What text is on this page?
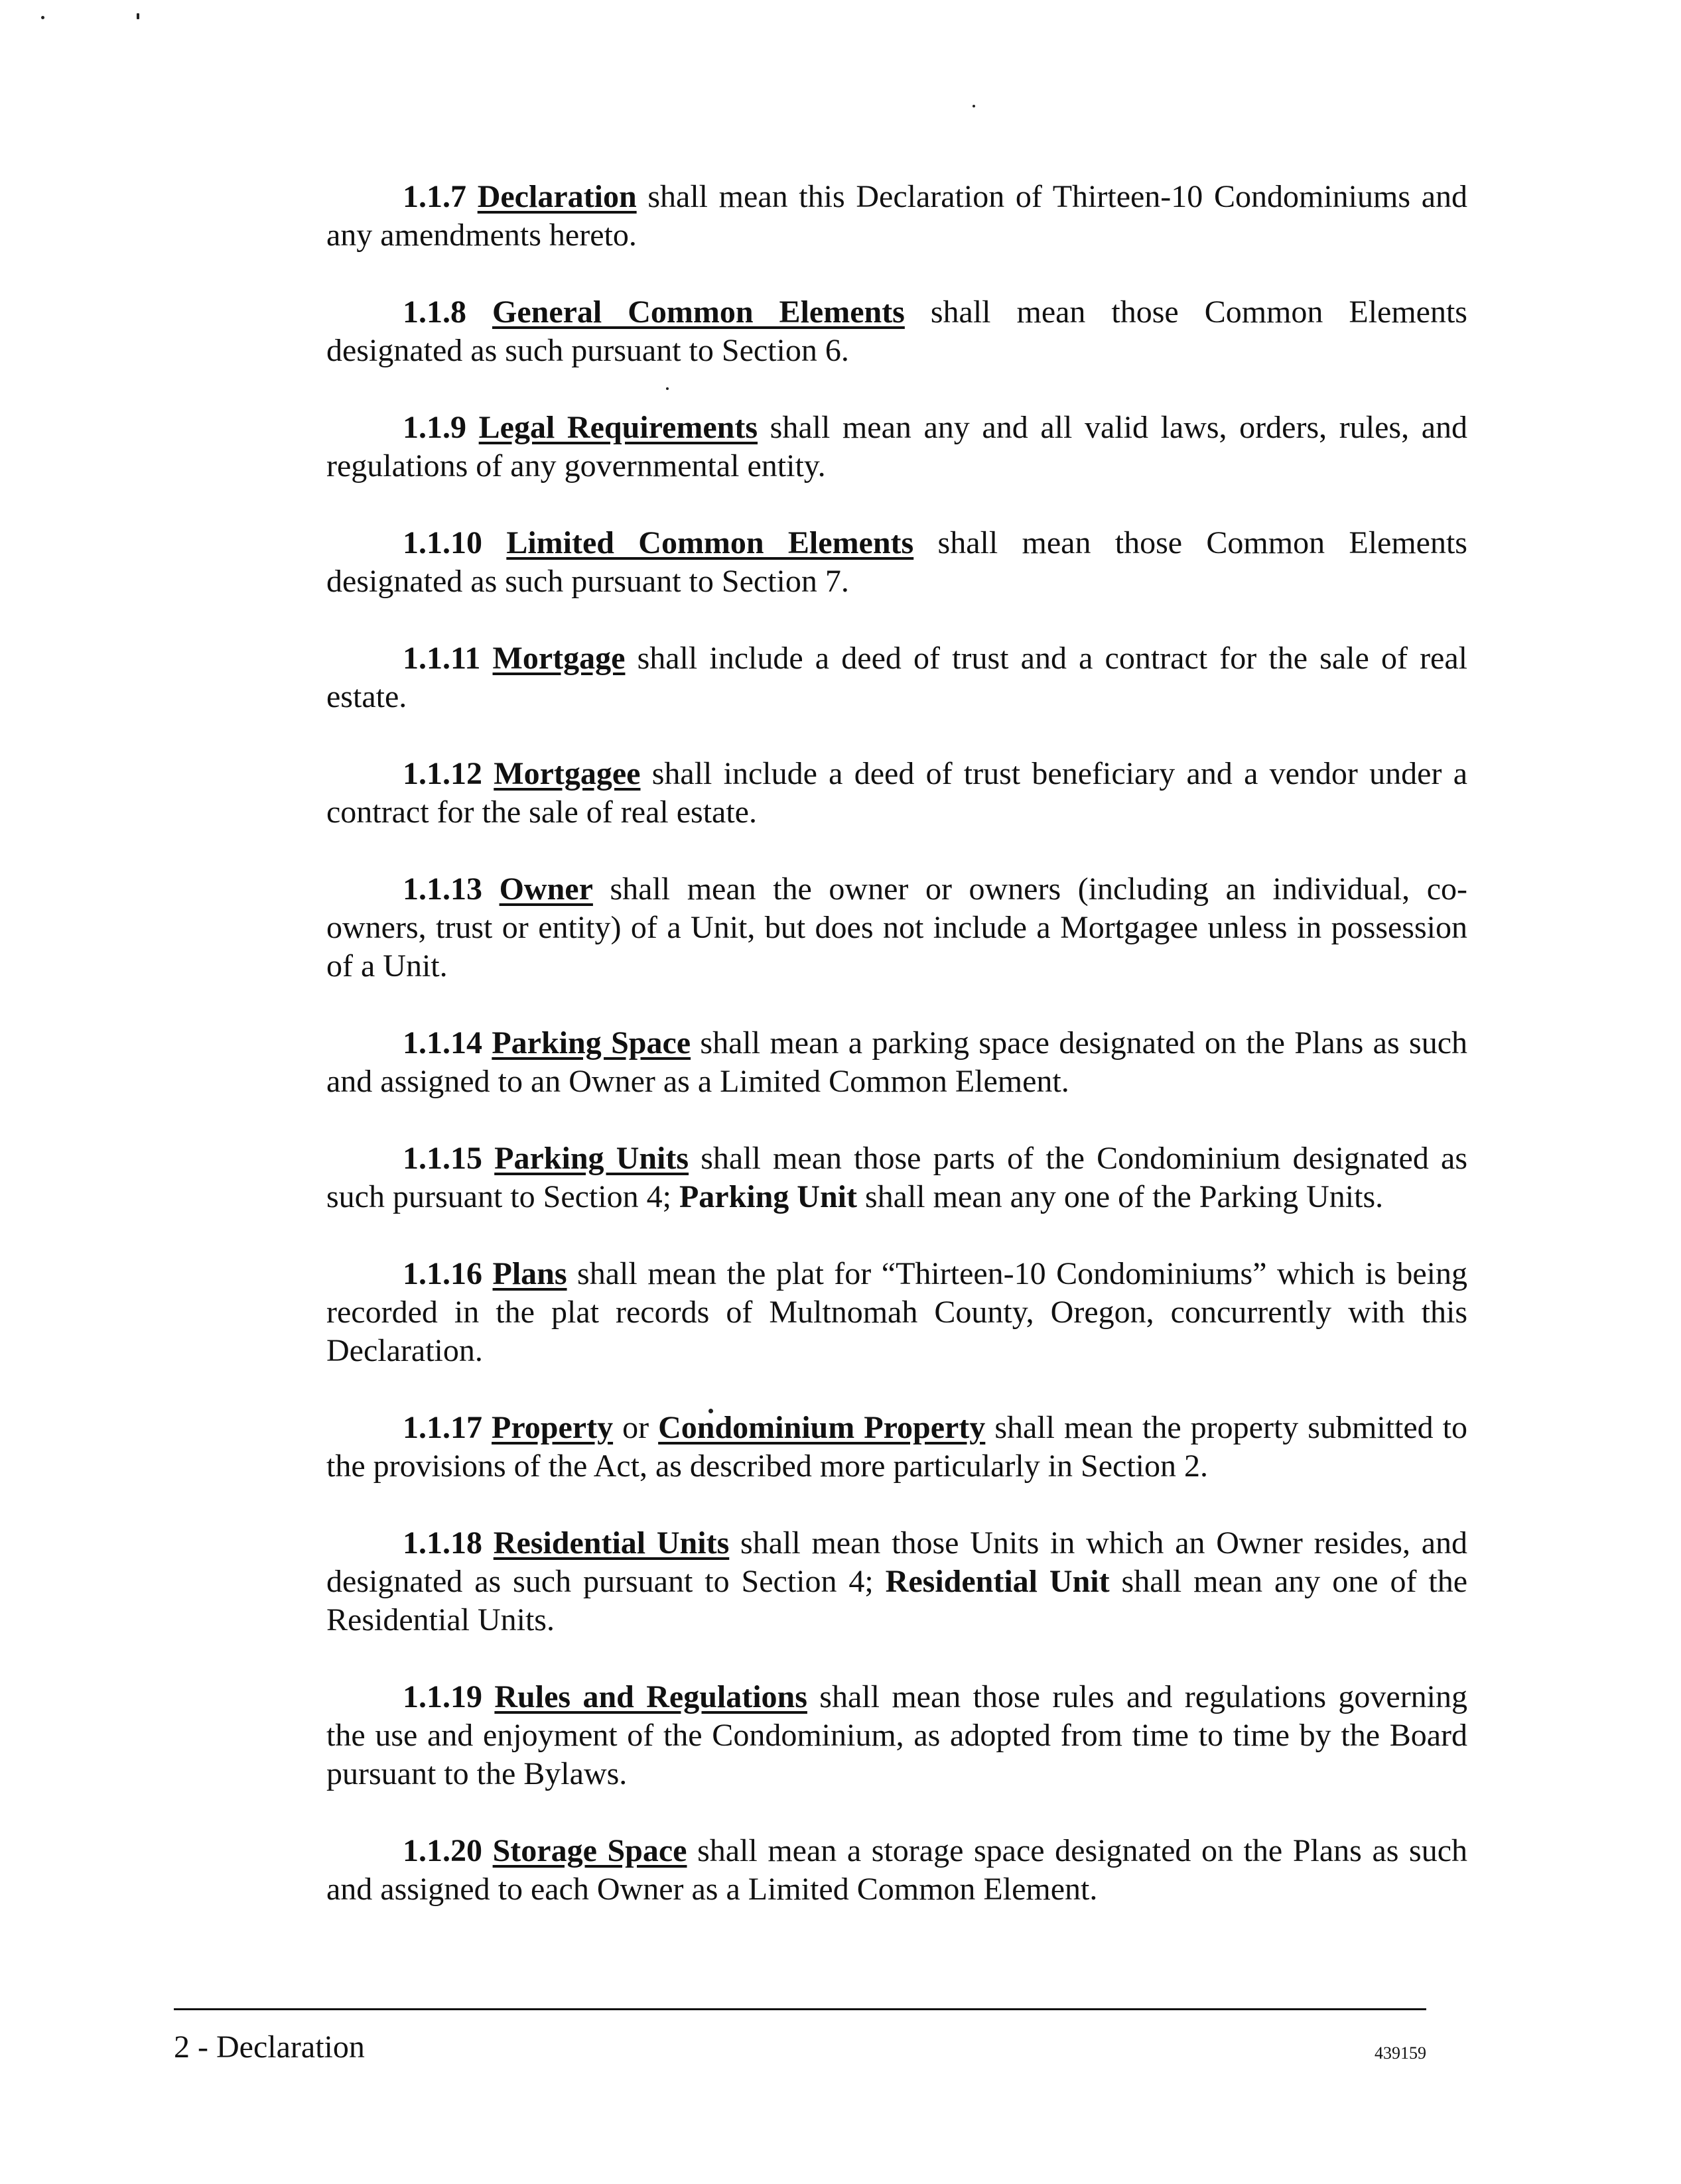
1.1.7 Declaration shall mean this Declaration of Thirteen-10 Condominiums and any amendments hereto.

1.1.8 General Common Elements shall mean those Common Elements designated as such pursuant to Section 6.

1.1.9 Legal Requirements shall mean any and all valid laws, orders, rules, and regulations of any governmental entity.

1.1.10 Limited Common Elements shall mean those Common Elements designated as such pursuant to Section 7.

1.1.11 Mortgage shall include a deed of trust and a contract for the sale of real estate.

1.1.12 Mortgagee shall include a deed of trust beneficiary and a vendor under a contract for the sale of real estate.

1.1.13 Owner shall mean the owner or owners (including an individual, co-owners, trust or entity) of a Unit, but does not include a Mortgagee unless in possession of a Unit.

1.1.14 Parking Space shall mean a parking space designated on the Plans as such and assigned to an Owner as a Limited Common Element.

1.1.15 Parking Units shall mean those parts of the Condominium designated as such pursuant to Section 4; Parking Unit shall mean any one of the Parking Units.

1.1.16 Plans shall mean the plat for “Thirteen-10 Condominiums” which is being recorded in the plat records of Multnomah County, Oregon, concurrently with this Declaration.

1.1.17 Property or Condominium Property shall mean the property submitted to the provisions of the Act, as described more particularly in Section 2.

1.1.18 Residential Units shall mean those Units in which an Owner resides, and designated as such pursuant to Section 4; Residential Unit shall mean any one of the Residential Units.

1.1.19 Rules and Regulations shall mean those rules and regulations governing the use and enjoyment of the Condominium, as adopted from time to time by the Board pursuant to the Bylaws.

1.1.20 Storage Space shall mean a storage space designated on the Plans as such and assigned to each Owner as a Limited Common Element.

2 - Declaration	439159
